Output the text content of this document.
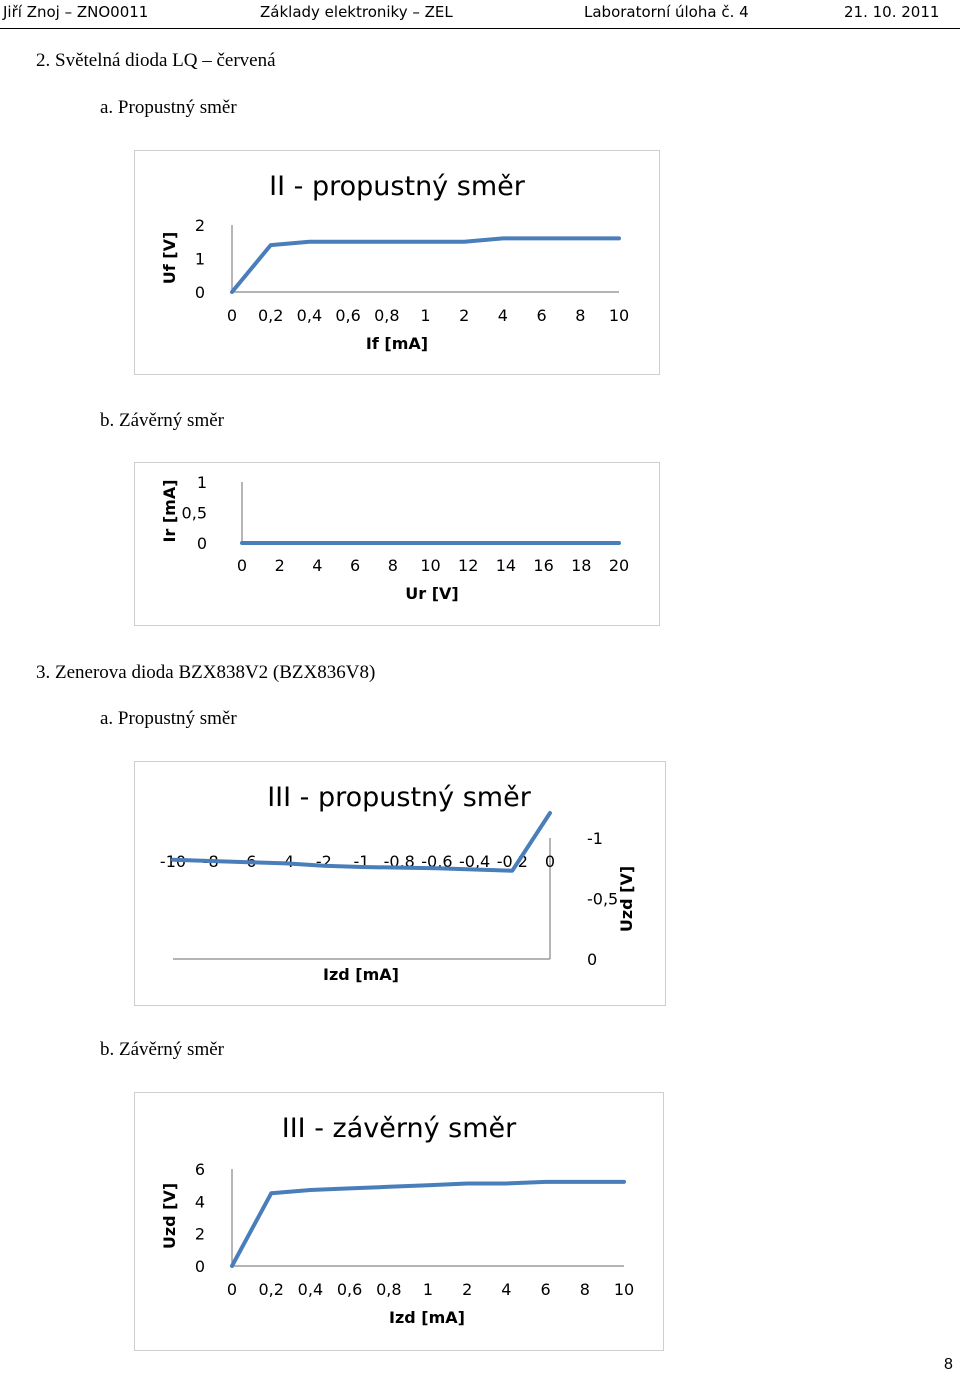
Jiří Znoj – ZNO0011	Základy elektroniky – ZEL	Laboratorní úloha č. 4	21. 10. 2011
2. Světelná dioda LQ – červená
a. Propustný směr
II - propustný směr
0 0,2 0,4 0,6 0,8 1 2 4 6 8 10
0
1
2
If [mA]
Uf [V]
b. Závěrný směr
0 2 4 6 8 10 12 14 16 18 20
0
0,5
1
Ur [V]
Ir [mA]
3. Zenerova dioda BZX838V2 (BZX836V8)
a. Propustný směr
III - propustný směr
-10 -8 -6 -4 -2 -1 -0,8 -0,6 -0,4 -0,2 0
-1
-0,5
0
Izd [mA]
Uzd [V]
b. Závěrný směr
III - závěrný směr
0 0,2 0,4 0,6 0,8 1 2 4 6 8 10
0
2
4
6
Izd [mA]
Uzd [V]
8
